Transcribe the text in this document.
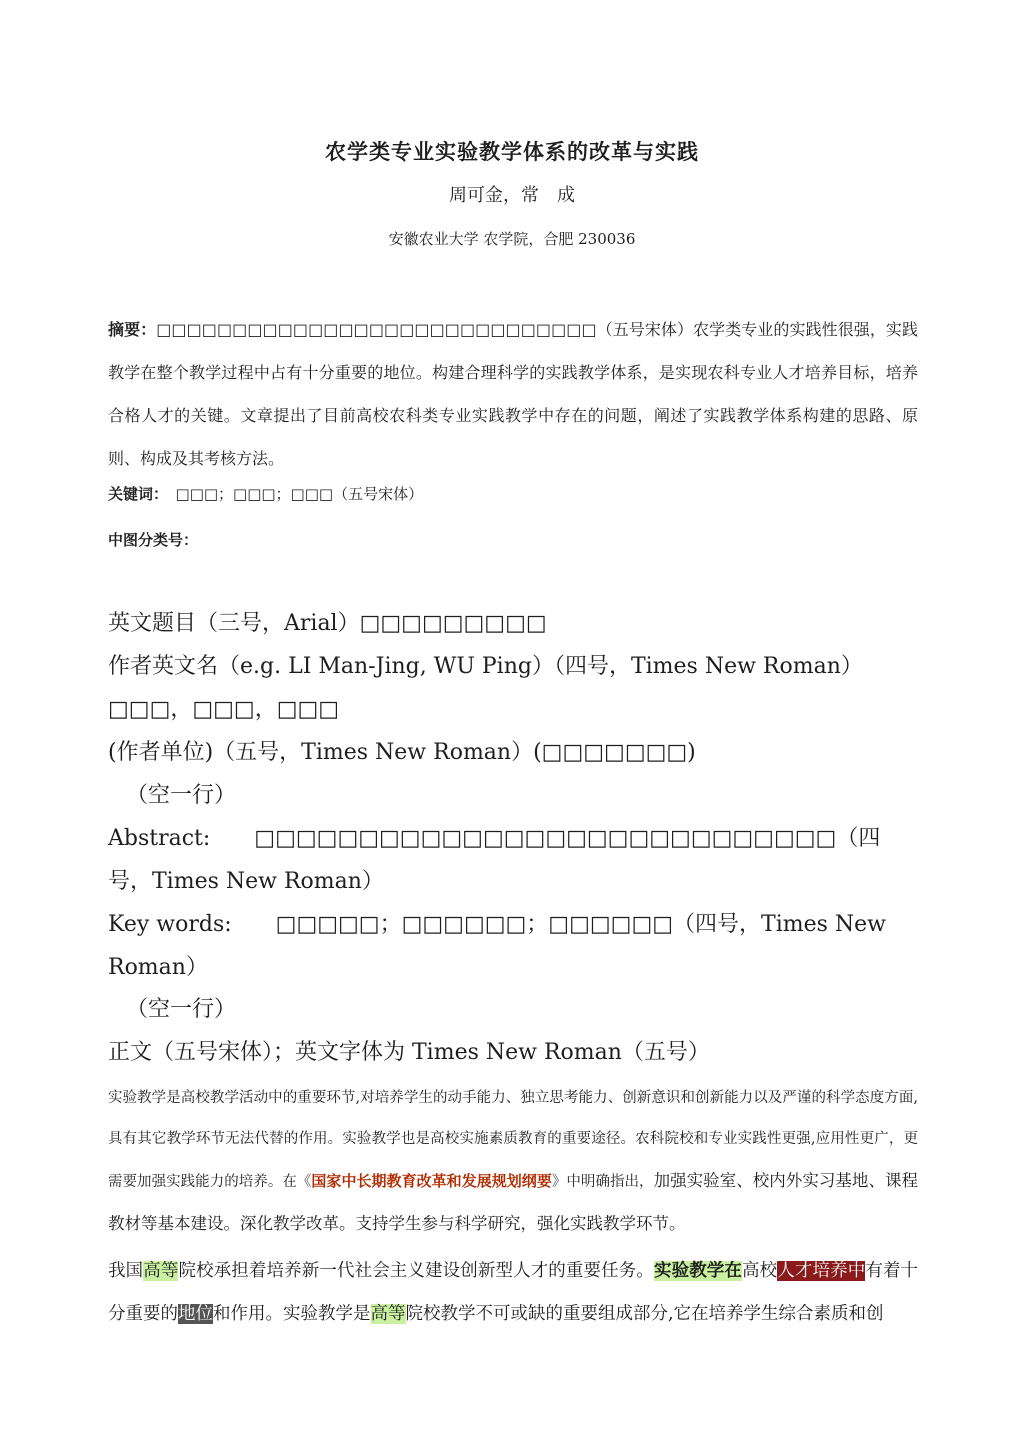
农学类专业实验教学体系的改革与实践
周可金，常　成
安徽农业大学 农学院，合肥 230036

摘要：□□□□□□□□□□□□□□□□□□□□□□□□□□□□□（五号宋体）农学类专业的实践性很强，实践教学在整个教学过程中占有十分重要的地位。构建合理科学的实践教学体系，是实现农科专业人才培养目标，培养合格人才的关键。文章提出了目前高校农科类专业实践教学中存在的问题，阐述了实践教学体系构建的思路、原则、构成及其考核方法。

关键词：　□□□；□□□；□□□（五号宋体）

中图分类号：

英文题目（三号，Arial）□□□□□□□□□

作者英文名（e.g. LI Man-Jing, WU Ping）（四号，Times New Roman）□□□，□□□，□□□

(作者单位)（五号，Times New Roman）(□□□□□□□)

（空一行）

Abstract:　　□□□□□□□□□□□□□□□□□□□□□□□□□□□□（四号，Times New Roman）

Key words:　　□□□□□；□□□□□□；□□□□□□（四号，Times New Roman）

（空一行）

正文（五号宋体）；英文字体为 Times New Roman（五号）

实验教学是高校教学活动中的重要环节,对培养学生的动手能力、独立思考能力、创新意识和创新能力以及严谨的科学态度方面,具有其它教学环节无法代替的作用。实验教学也是高校实施素质教育的重要途径。农科院校和专业实践性更强,应用性更广，更需要加强实践能力的培养。在《国家中长期教育改革和发展规划纲要》中明确指出，加强实验室、校内外实习基地、课程教材等基本建设。深化教学改革。支持学生参与科学研究，强化实践教学环节。

我国高等院校承担着培养新一代社会主义建设创新型人才的重要任务。实验教学在高校人才培养中有着十分重要的地位和作用。实验教学是高等院校教学不可或缺的重要组成部分,它在培养学生综合素质和创
